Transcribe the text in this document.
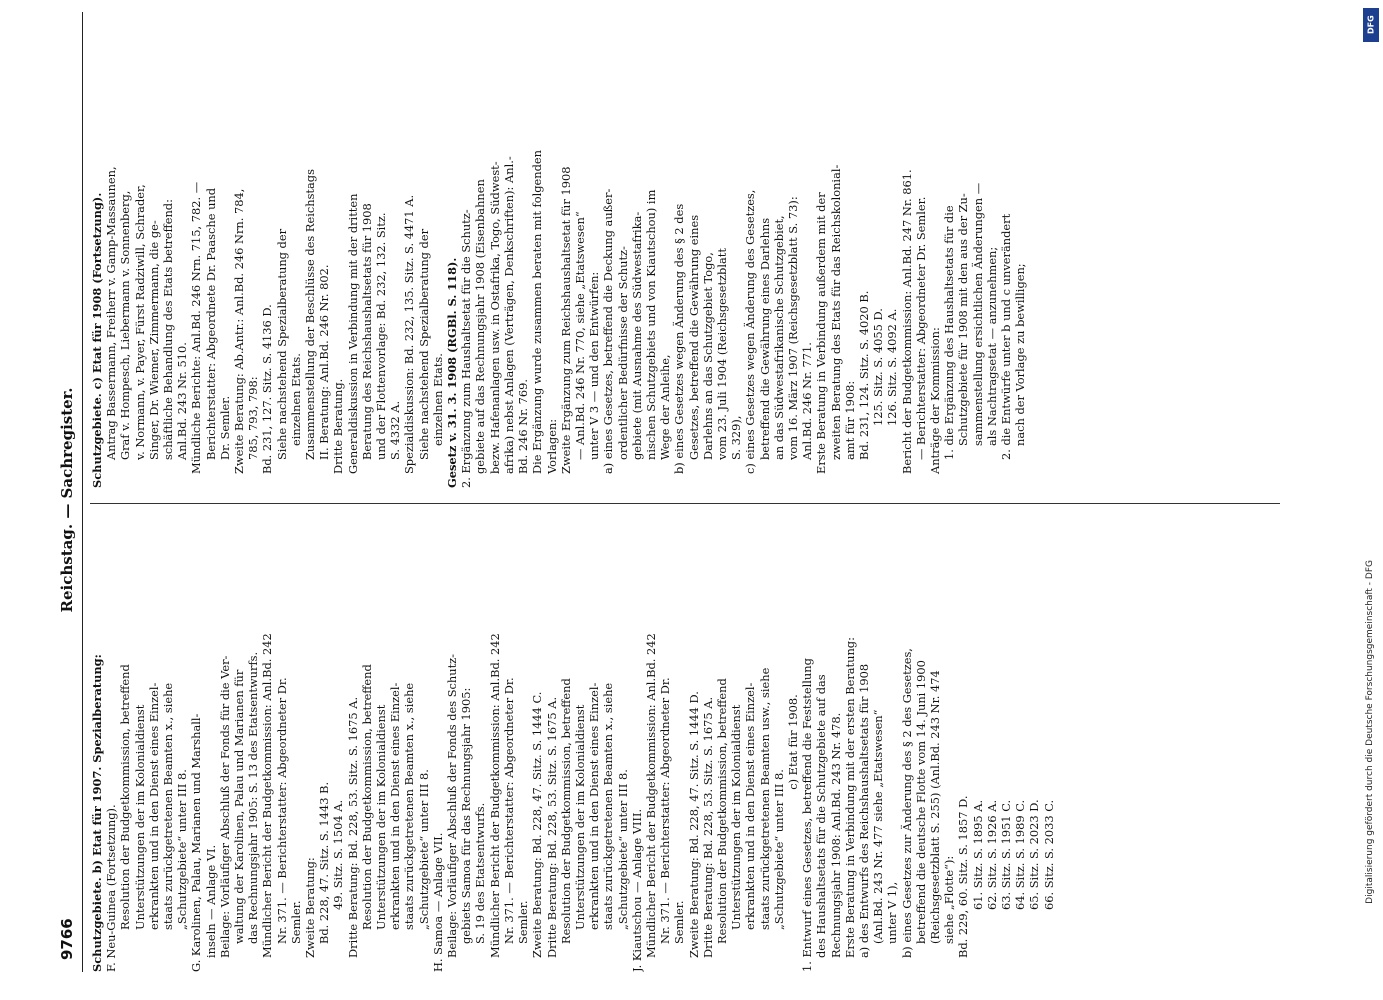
9766
Reichstag. — Sachregister.
Schutzgebiete. b) Etat für 1907. Spezialberatung: F. Neu-Guinea (Fortsetzung). Resolution der Budgetkommission, betreffend Unterstützungen der im Kolonialdienst erkrankten und in den Dienst eines Einzel- staats zurückgetretenen Beamten x., siehe „Schutzgebiete“ unter III 8. G. Karolinen, Palau, Marianen und Marshall- inseln — Anlage VI. Beilage: Vorläufiger Abschluß der Fonds für die Ver- waltung der Karolinen, Palau und Marianen für das Rechnungsjahr 1905: S. 13 des Etatsentwurfs. Mündlicher Bericht der Budgetkommission: Anl.Bd. 242 Nr. 371. — Berichterstatter: Abgeordneter Dr. Semler. Zweite Beratung: Bd. 228, 47. Sitz. S. 1443 B. 49. Sitz. S. 1504 A. Dritte Beratung: Bd. 228, 53. Sitz. S. 1675 A. Resolution der Budgetkommission, betreffend Unterstützungen der im Kolonialdienst erkrankten und in den Dienst eines Einzel- staats zurückgetretenen Beamten x., siehe „Schutzgebiete“ unter III 8. H. Samoa — Anlage VII. Beilage: Vorläufiger Abschluß der Fonds des Schutz- gebiets Samoa für das Rechnungsjahr 1905: S. 19 des Etatsentwurfs. Mündlicher Bericht der Budgetkommission: Anl.Bd. 242 Nr. 371. — Berichterstatter: Abgeordneter Dr. Semler. Zweite Beratung: Bd. 228, 47. Sitz. S. 1444 C. Dritte Beratung: Bd. 228, 53. Sitz. S. 1675 A. Resolution der Budgetkommission, betreffend Unterstützungen der im Kolonialdienst erkrankten und in den Dienst eines Einzel- staats zurückgetretenen Beamten x., siehe „Schutzgebiete“ unter III 8. J. Kiautschou — Anlage VIII. Mündlicher Bericht der Budgetkommission: Anl.Bd. 242 Nr. 371. — Berichterstatter: Abgeordneter Dr. Semler. Zweite Beratung: Bd. 228, 47. Sitz. S. 1444 D. Dritte Beratung: Bd. 228, 53. Sitz. S. 1675 A. Resolution der Budgetkommission, betreffend Unterstützungen der im Kolonialdienst erkrankten und in den Dienst eines Einzel- staats zurückgetretenen Beamten usw., siehe „Schutzgebiete“ unter III 8.
c) Etat für 1908. 1. Entwurf eines Gesetzes, betreffend die Feststellung des Haushaltsetats für die Schutzgebiete auf das Rechnungsjahr 1908: Anl.Bd. 243 Nr. 478. Erste Beratung in Verbindung mit der ersten Beratung: a) des Entwurfs des Reichshaushaltsetats für 1908 (Anl.Bd. 243 Nr. 477 siehe „Etatswesen“ unter V 1), b) eines Gesetzes zur Änderung des § 2 des Gesetzes, betreffend die deutsche Flotte vom 14. Juni 1900 (Reichsgesetzblatt S. 255) (Anl.Bd. 243 Nr. 474 siehe „Flotte“): Bd. 229, 60. Sitz. S. 1857 D. 61. Sitz. S. 1895 A. 62. Sitz. S. 1926 A. 63. Sitz. S. 1951 C. 64. Sitz. S. 1989 C. 65. Sitz. S. 2023 D. 66. Sitz. S. 2033 C.
Schutzgebiete. c) Etat für 1908 (Fortsetzung). Antrag Bassermann, Freiherr v. Gamp-Massaunen, Graf v. Hompesch, Liebermann v. Sonnenberg, v. Normann, v. Payer, Fürst Radziwill, Schrader, Singer, Dr. Wiemer, Zimmermann, die ge- schäftliche Behandlung des Etats betreffend: Anl.Bd. 243 Nr. 510. Mündliche Berichte: Anl.Bd. 246 Nrn. 715, 782. — Berichterstatter: Abgeordnete Dr. Paasche und Dr. Semler. Zweite Beratung: Ab.Antr.: Anl.Bd. 246 Nrn. 784, 785, 793, 798: Bd. 231, 127. Sitz. S. 4136 D. Siehe nachstehend Spezialberatung der einzelnen Etats. Zusammenstellung der Beschlüsse des Reichstags II. Beratung: Anl.Bd. 246 Nr. 802. Dritte Beratung. Generaldiskussion in Verbindung mit der dritten Beratung des Reichshaushaltsetats für 1908 und der Flottenvorlage: Bd. 232, 132. Sitz. S. 4332 A. Spezialdiskussion: Bd. 232, 135. Sitz. S. 4471 A. Siehe nachstehend Spezialberatung der einzelnen Etats. Gesetz v. 31. 3. 1908 (RGBl. S. 118). 2. Ergänzung zum Haushaltsetat für die Schutz- gebiete auf das Rechnungsjahr 1908 (Eisenbahnen bezw. Hafenanlagen usw. in Ostafrika, Togo, Südwest- afrika) nebst Anlagen (Verträgen, Denkschriften): Anl.- Bd. 246 Nr. 769. Die Ergänzung wurde zusammen beraten mit folgenden Vorlagen: Zweite Ergänzung zum Reichshaushaltsetat für 1908 — Anl.Bd. 246 Nr. 770, siehe „Etatswesen“ unter V 3 — und den Entwürfen: a) eines Gesetzes, betreffend die Deckung außer- ordentlicher Bedürfnisse der Schutz- gebiete (mit Ausnahme des Südwestafrika- nischen Schutzgebiets und von Kiautschou) im Wege der Anleihe, b) eines Gesetzes wegen Änderung des § 2 des Gesetzes, betreffend die Gewährung eines Darlehns an das Schutzgebiet Togo, vom 23. Juli 1904 (Reichsgesetzblatt S. 329), c) eines Gesetzes wegen Änderung des Gesetzes, betreffend die Gewährung eines Darlehns an das Südwestafrikanische Schutzgebiet, vom 16. März 1907 (Reichsgesetzblatt S. 73): Anl.Bd. 246 Nr. 771. Erste Beratung in Verbindung außerdem mit der zweiten Beratung des Etats für das Reichskolonial- amt für 1908: Bd. 231, 124. Sitz. S. 4020 B. 125. Sitz. S. 4055 D. 126. Sitz. S. 4092 A. Bericht der Budgetkommission: Anl.Bd. 247 Nr. 861. — Berichterstatter: Abgeordneter Dr. Semler. Anträge der Kommission: 1. die Ergänzung des Haushaltsetats für die Schutzgebiete für 1908 mit den aus der Zu- sammenstellung ersichtlichen Änderungen — als Nachtragsetat — anzunehmen; 2. die Entwürfe unter b und c unverändert nach der Vorlage zu bewilligen;
DFG
Digitalisierung gefördert durch die Deutsche Forschungsgemeinschaft - DFG
